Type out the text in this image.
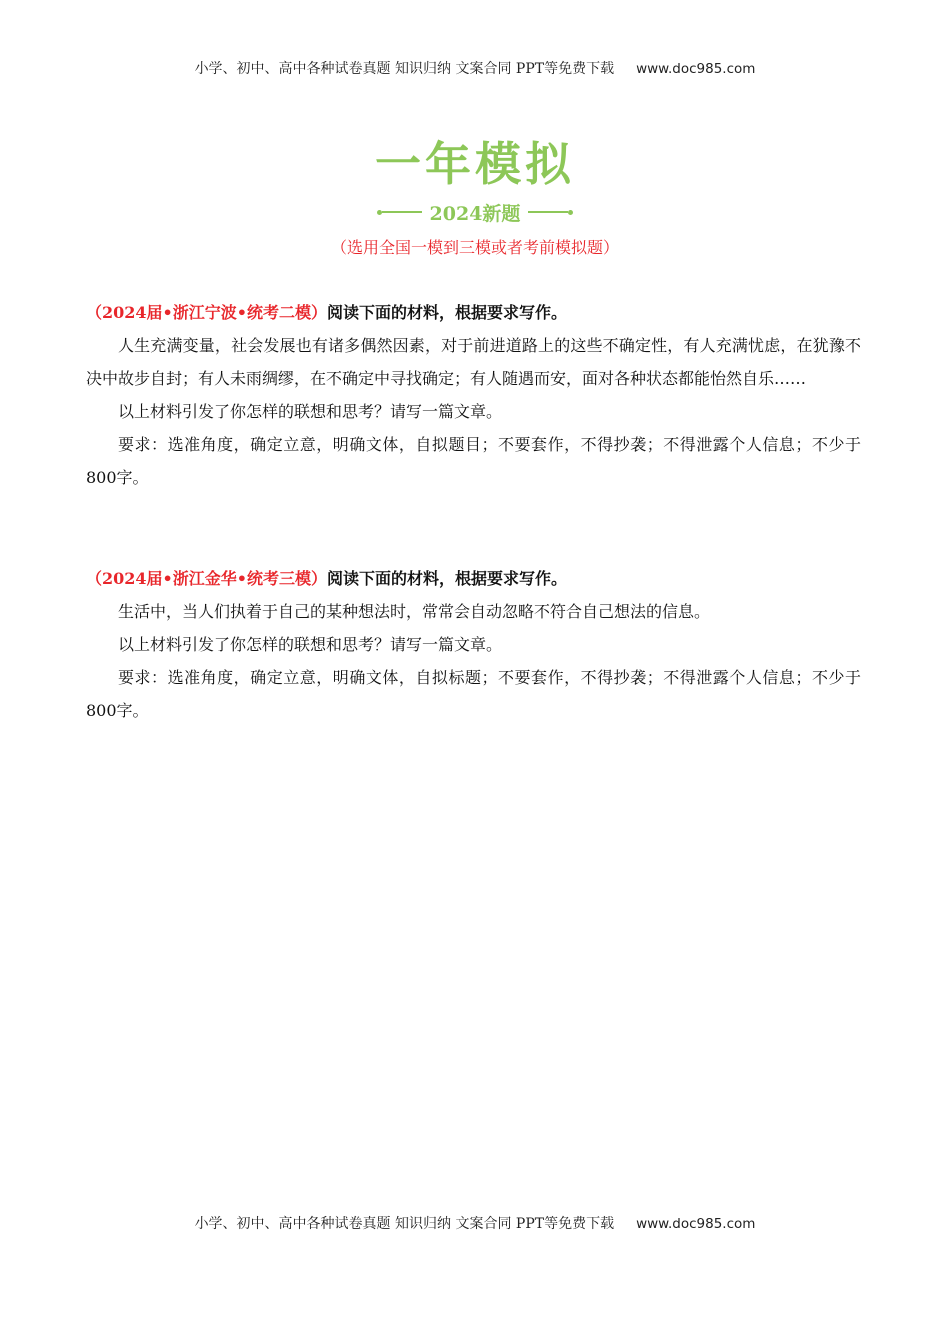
小学、初中、高中各种试卷真题 知识归纳 文案合同 PPT等免费下载 www.doc985.com
一年模拟
2024新题
（选用全国一模到三模或者考前模拟题）

（2024届•浙江宁波•统考二模）阅读下面的材料，根据要求写作。

人生充满变量，社会发展也有诸多偶然因素，对于前进道路上的这些不确定性，有人充满忧虑，在犹豫不决中故步自封；有人未雨绸缪，在不确定中寻找确定；有人随遇而安，面对各种状态都能怡然自乐……

以上材料引发了你怎样的联想和思考？请写一篇文章。

要求：选准角度，确定立意，明确文体，自拟题目；不要套作，不得抄袭；不得泄露个人信息；不少于800字。

（2024届•浙江金华•统考三模）阅读下面的材料，根据要求写作。

生活中，当人们执着于自己的某种想法时，常常会自动忽略不符合自己想法的信息。

以上材料引发了你怎样的联想和思考？请写一篇文章。

要求：选准角度，确定立意，明确文体，自拟标题；不要套作，不得抄袭；不得泄露个人信息；不少于800字。

小学、初中、高中各种试卷真题 知识归纳 文案合同 PPT等免费下载 www.doc985.com
